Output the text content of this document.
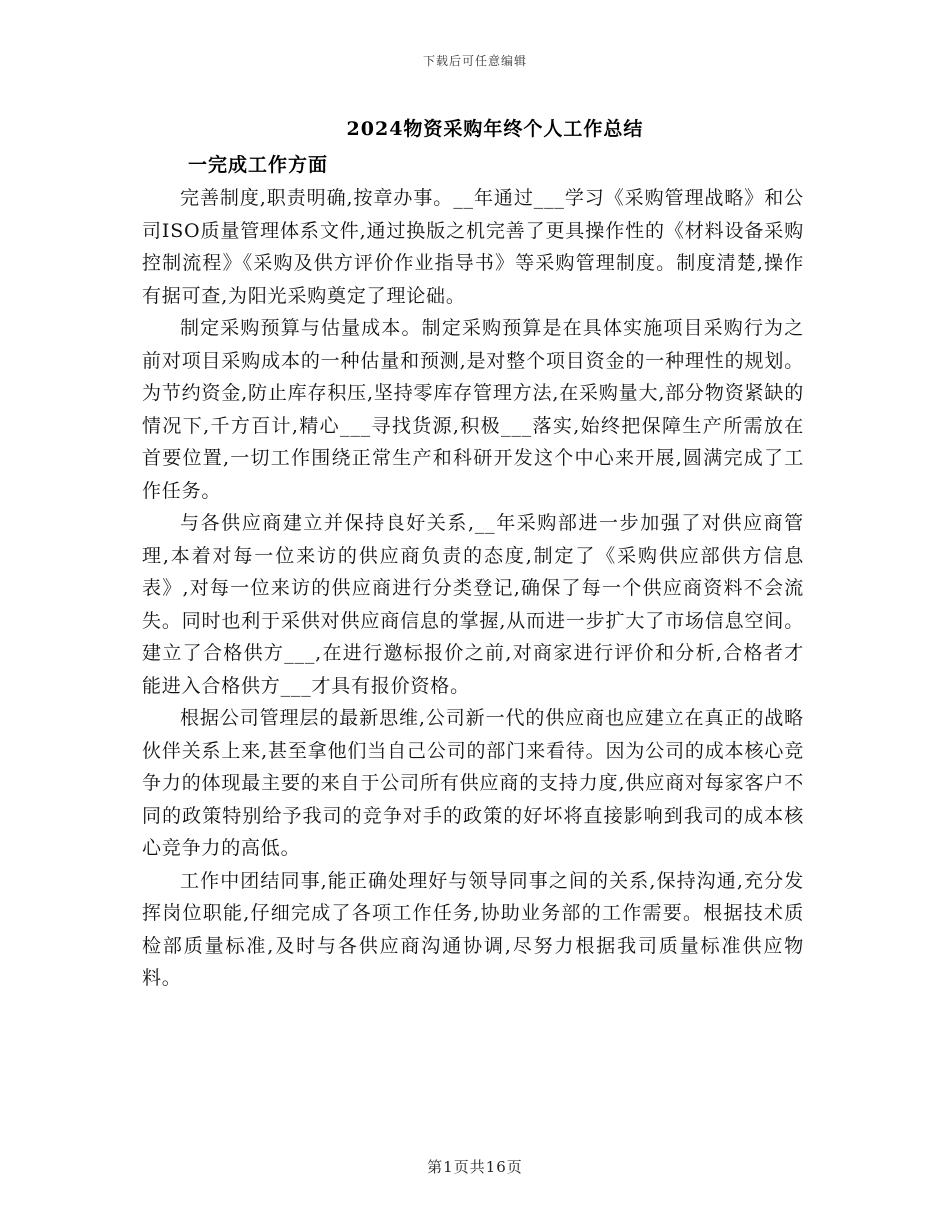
下载后可任意编辑
2024物资采购年终个人工作总结
一完成工作方面

完善制度,职责明确,按章办事。__年通过___学习《采购管理战略》和公司ISO质量管理体系文件,通过换版之机完善了更具操作性的《材料设备采购控制流程》《采购及供方评价作业指导书》等采购管理制度。制度清楚,操作有据可查,为阳光采购奠定了理论础。

制定采购预算与估量成本。制定采购预算是在具体实施项目采购行为之前对项目采购成本的一种估量和预测,是对整个项目资金的一种理性的规划。为节约资金,防止库存积压,坚持零库存管理方法,在采购量大,部分物资紧缺的情况下,千方百计,精心___寻找货源,积极___落实,始终把保障生产所需放在首要位置,一切工作围绕正常生产和科研开发这个中心来开展,圆满完成了工作任务。

与各供应商建立并保持良好关系,__年采购部进一步加强了对供应商管理,本着对每一位来访的供应商负责的态度,制定了《采购供应部供方信息表》,对每一位来访的供应商进行分类登记,确保了每一个供应商资料不会流失。同时也利于采供对供应商信息的掌握,从而进一步扩大了市场信息空间。建立了合格供方___,在进行邀标报价之前,对商家进行评价和分析,合格者才能进入合格供方___才具有报价资格。

根据公司管理层的最新思维,公司新一代的供应商也应建立在真正的战略伙伴关系上来,甚至拿他们当自己公司的部门来看待。因为公司的成本核心竞争力的体现最主要的来自于公司所有供应商的支持力度,供应商对每家客户不同的政策特别给予我司的竞争对手的政策的好坏将直接影响到我司的成本核心竞争力的高低。

工作中团结同事,能正确处理好与领导同事之间的关系,保持沟通,充分发挥岗位职能,仔细完成了各项工作任务,协助业务部的工作需要。根据技术质检部质量标准,及时与各供应商沟通协调,尽努力根据我司质量标准供应物料。

第1页共16页
